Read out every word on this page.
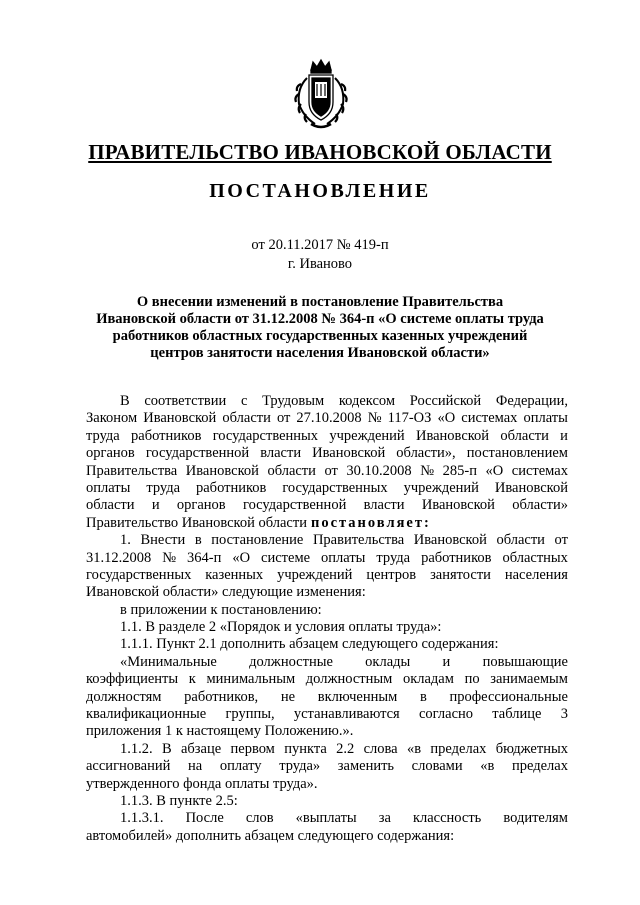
ПРАВИТЕЛЬСТВО ИВАНОВСКОЙ ОБЛАСТИ
ПОСТАНОВЛЕНИЕ
от 20.11.2017 № 419-п
г. Иваново
О внесении изменений в постановление Правительства
Ивановской области от 31.12.2008 № 364-п «О системе оплаты труда
работников областных государственных казенных учреждений
центров занятости населения Ивановской области»
В соответствии с Трудовым кодексом Российской Федерации,
Законом Ивановской области от 27.10.2008 № 117-ОЗ «О системах оплаты
труда работников государственных учреждений Ивановской области и
органов государственной власти Ивановской области», постановлением
Правительства Ивановской области от 30.10.2008 № 285-п «О системах
оплаты труда работников государственных учреждений Ивановской
области и органов государственной власти Ивановской области»
Правительство Ивановской области постановляет:
1. Внести в постановление Правительства Ивановской области от
31.12.2008 № 364-п «О системе оплаты труда работников областных
государственных казенных учреждений центров занятости населения
Ивановской области» следующие изменения:
в приложении к постановлению:
1.1. В разделе 2 «Порядок и условия оплаты труда»:
1.1.1. Пункт 2.1 дополнить абзацем следующего содержания:
«Минимальные должностные оклады и повышающие
коэффициенты к минимальным должностным окладам по занимаемым
должностям работников, не включенным в профессиональные
квалификационные группы, устанавливаются согласно таблице 3
приложения 1 к настоящему Положению.».
1.1.2. В абзаце первом пункта 2.2 слова «в пределах бюджетных
ассигнований на оплату труда» заменить словами «в пределах
утвержденного фонда оплаты труда».
1.1.3. В пункте 2.5:
1.1.3.1. После слов «выплаты за классность водителям
автомобилей» дополнить абзацем следующего содержания:
